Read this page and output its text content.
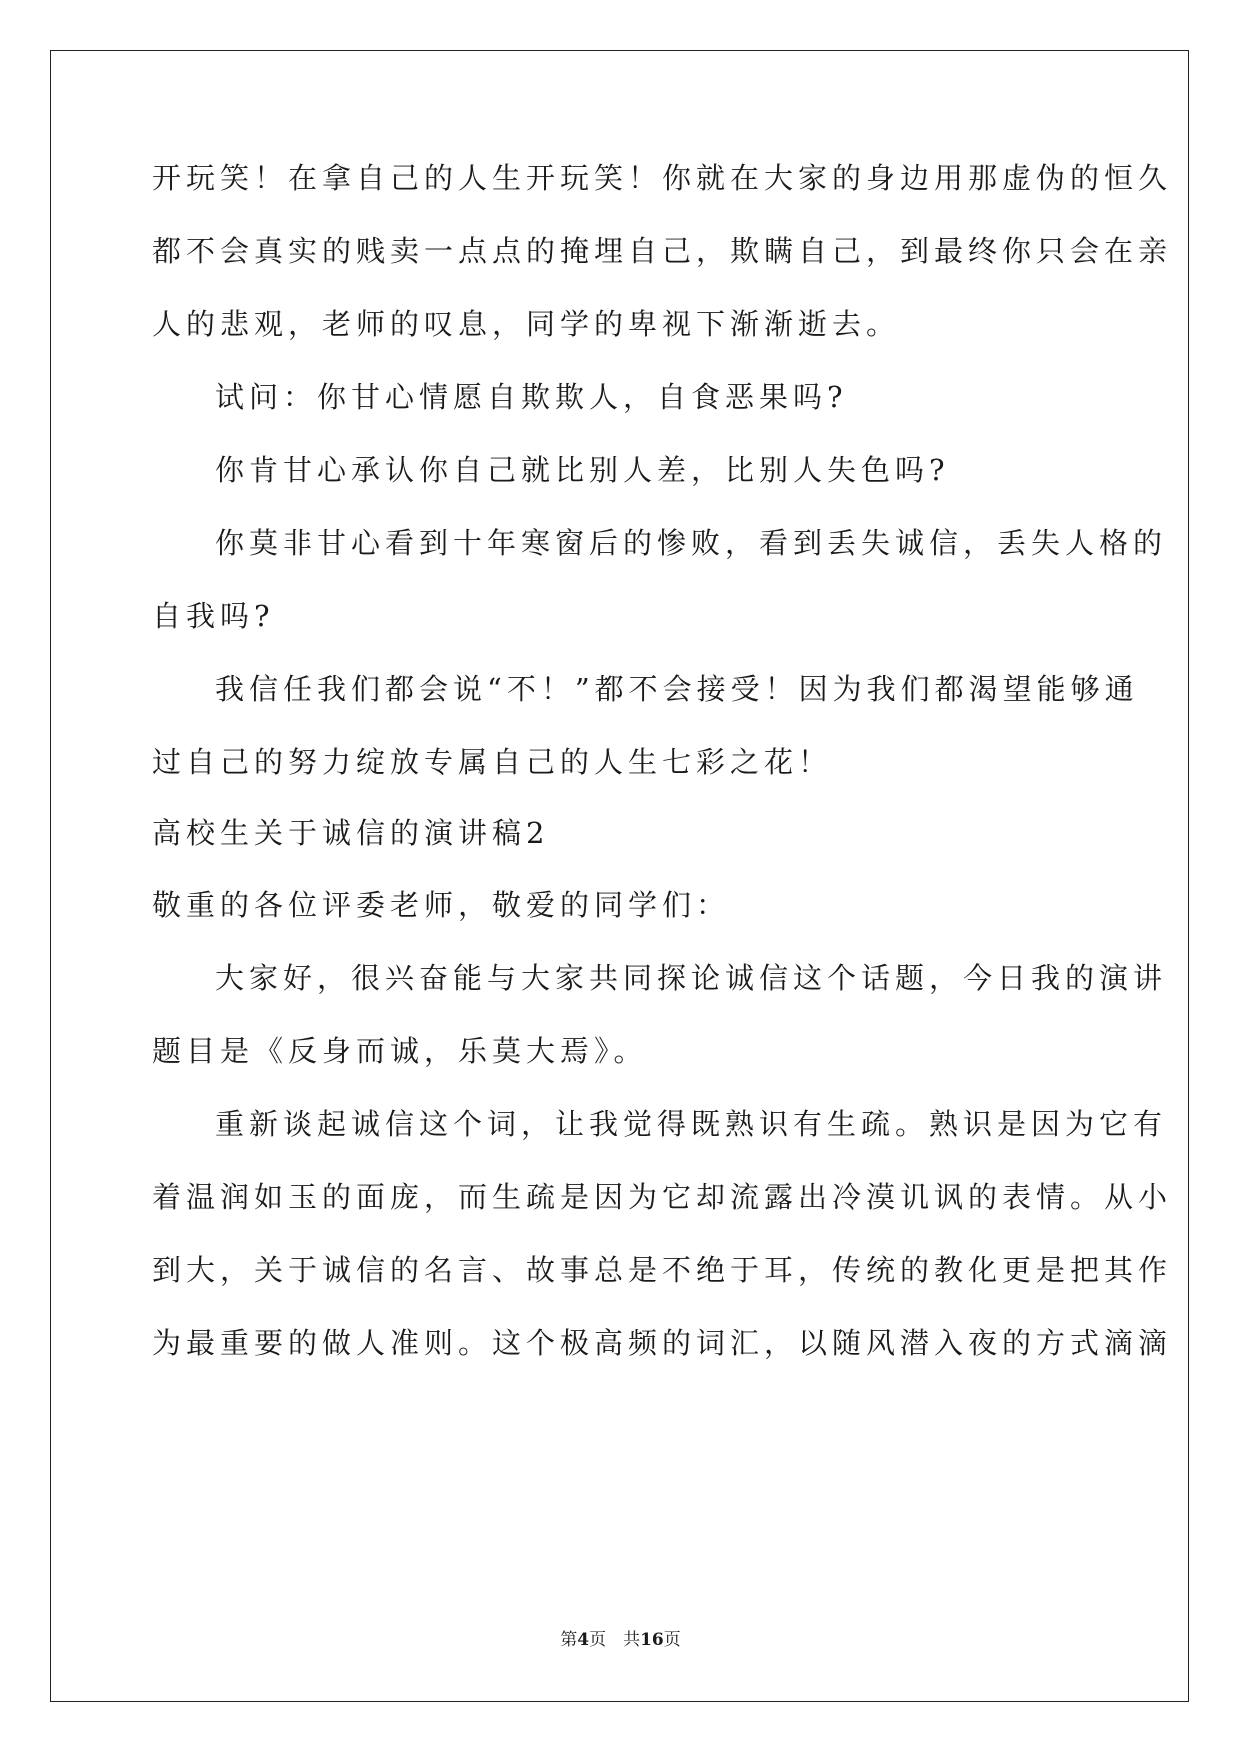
开玩笑！在拿自己的人生开玩笑！你就在大家的身边用那虚伪的恒久
都不会真实的贱卖一点点的掩埋自己，欺瞒自己，到最终你只会在亲
人的悲观，老师的叹息，同学的卑视下渐渐逝去。
试问：你甘心情愿自欺欺人，自食恶果吗?
你肯甘心承认你自己就比别人差，比别人失色吗?
你莫非甘心看到十年寒窗后的惨败，看到丢失诚信，丢失人格的
自我吗?
我信任我们都会说“不！”都不会接受！因为我们都渴望能够通
过自己的努力绽放专属自己的人生七彩之花！
高校生关于诚信的演讲稿2
敬重的各位评委老师，敬爱的同学们：
大家好，很兴奋能与大家共同探论诚信这个话题，今日我的演讲
题目是《反身而诚，乐莫大焉》。
重新谈起诚信这个词，让我觉得既熟识有生疏。熟识是因为它有
着温润如玉的面庞，而生疏是因为它却流露出冷漠讥讽的表情。从小
到大，关于诚信的名言、故事总是不绝于耳，传统的教化更是把其作
为最重要的做人准则。这个极高频的词汇，以随风潜入夜的方式滴滴
第4页　共16页
